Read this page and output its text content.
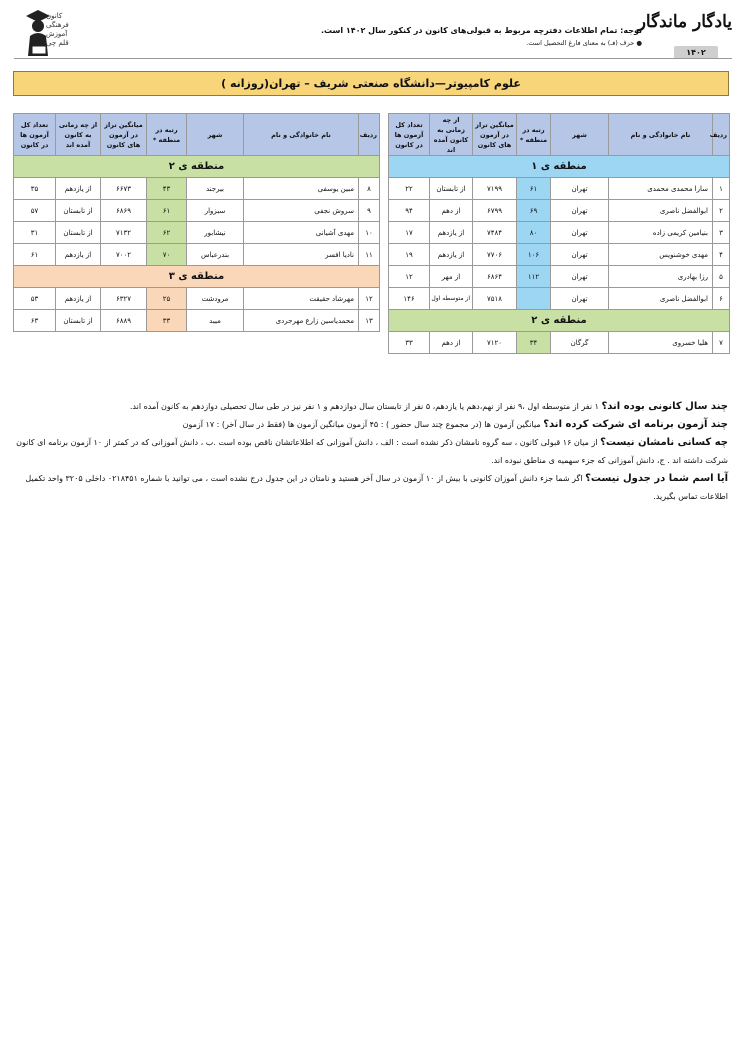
کانون
فرهنگی
آموزش
قلم چی
توجه: تمام اطلاعات دفترچه مربوط به قبولی‌های کانون در کنکور سال ۱۴۰۲ است.
● حرف (فـ) به معنای فارغ التحصیل است.
یادگار ماندگار
۱۴۰۲
علوم کامپیوتر—دانشگاه صنعتی شریف – تهران(روزانه )
ردیف	نام خانوادگی و نام	شهر	رتبه در منطقه *	میانگین تراز در آزمون های کانون	از چه زمانی به کانون آمده اند	تعداد کل آزمون ها در کانون
منطقه ی ۱						
۱	سارا محمدی محمدی	تهران	۶۱	۷۱۹۹	از تابستان	۲۲
۲	ابوالفضل ناصری	تهران	۶۹	۶۷۹۹	از دهم	۹۴
۳	بنیامین کریمی زاده	تهران	۸۰	۷۴۸۴	از یازدهم	۱۷
۴	مهدی خوشنویس	تهران	۱۰۶	۷۷۰۶	از یازدهم	۱۹
۵	رزا بهادری	تهران	۱۱۲	۶۸۶۴	از مهر	۱۲
۶	ابوالفضل ناصری	تهران		۷۵۱۸	از متوسطه اول	۱۴۶
منطقه ی ۲						
۷	هلیا خسروی	گرگان	۳۴	۷۱۲۰	از دهم	۳۳
ردیف	نام خانوادگی و نام	شهر	رتبه در منطقه *	میانگین تراز در آزمون های کانون	از چه زمانی به کانون آمده اند	تعداد کل آزمون ها در کانون
منطقه ی ۲						
۸	مبین یوسفی	بیرجند	۴۳	۶۶۷۳	از یازدهم	۳۵
۹	سروش نجفی	سبزوار	۶۱	۶۸۶۹	از تابستان	۵۷
۱۰	مهدی آشیانی	نیشابور	۶۲	۷۱۳۲	از تابستان	۳۱
۱۱	نادیا افسر	بندرعباس	۷۰	۷۰۰۲	از یازدهم	۶۱
منطقه ی ۳						
۱۲	مهرشاد حقیقت	مرودشت	۲۵	۶۳۲۷	از یازدهم	۵۳
۱۳	محمدیاسین زارع مهرجردی	میبد	۳۳	۶۸۸۹	از تابستان	۶۳

چند سال کانونی بوده اند؟ ۱ نفر از متوسطه اول ،۹ نفر از نهم،دهم یا یازدهم، ۵ نفر از تابستان سال دوازدهم و ۱ نفر نیز در طی سال تحصیلی دوازدهم به کانون آمده اند.

چند آزمون برنامه ای شرکت کرده اند؟ میانگین آزمون ها (در مجموع چند سال حضور ) : ۴۵ آزمون میانگین آزمون ها (فقط در سال آخر) : ۱۷ آزمون

چه کسانی نامشان نیست؟ از میان ۱۶ قبولی کانون ، سه گروه نامشان ذکر نشده است : الف ، دانش آموزانی که اطلاعاتشان ناقص بوده است .ب ، دانش آموزانی که در کمتر از ۱۰ آزمون برنامه ای کانون شرکت داشته اند . ج، دانش آموزانی که جزء سهمیه ی مناطق نبوده اند.

آیا اسم شما در جدول نیست؟ اگر شما جزء دانش آموزان کانونی با بیش از ۱۰ آزمون در سال آخر هستید و نامتان در این جدول درج نشده است ، می توانید با شماره ۰۲۱۸۴۵۱ داخلی ۳۲۰۵ واحد تکمیل اطلاعات تماس بگیرید.
